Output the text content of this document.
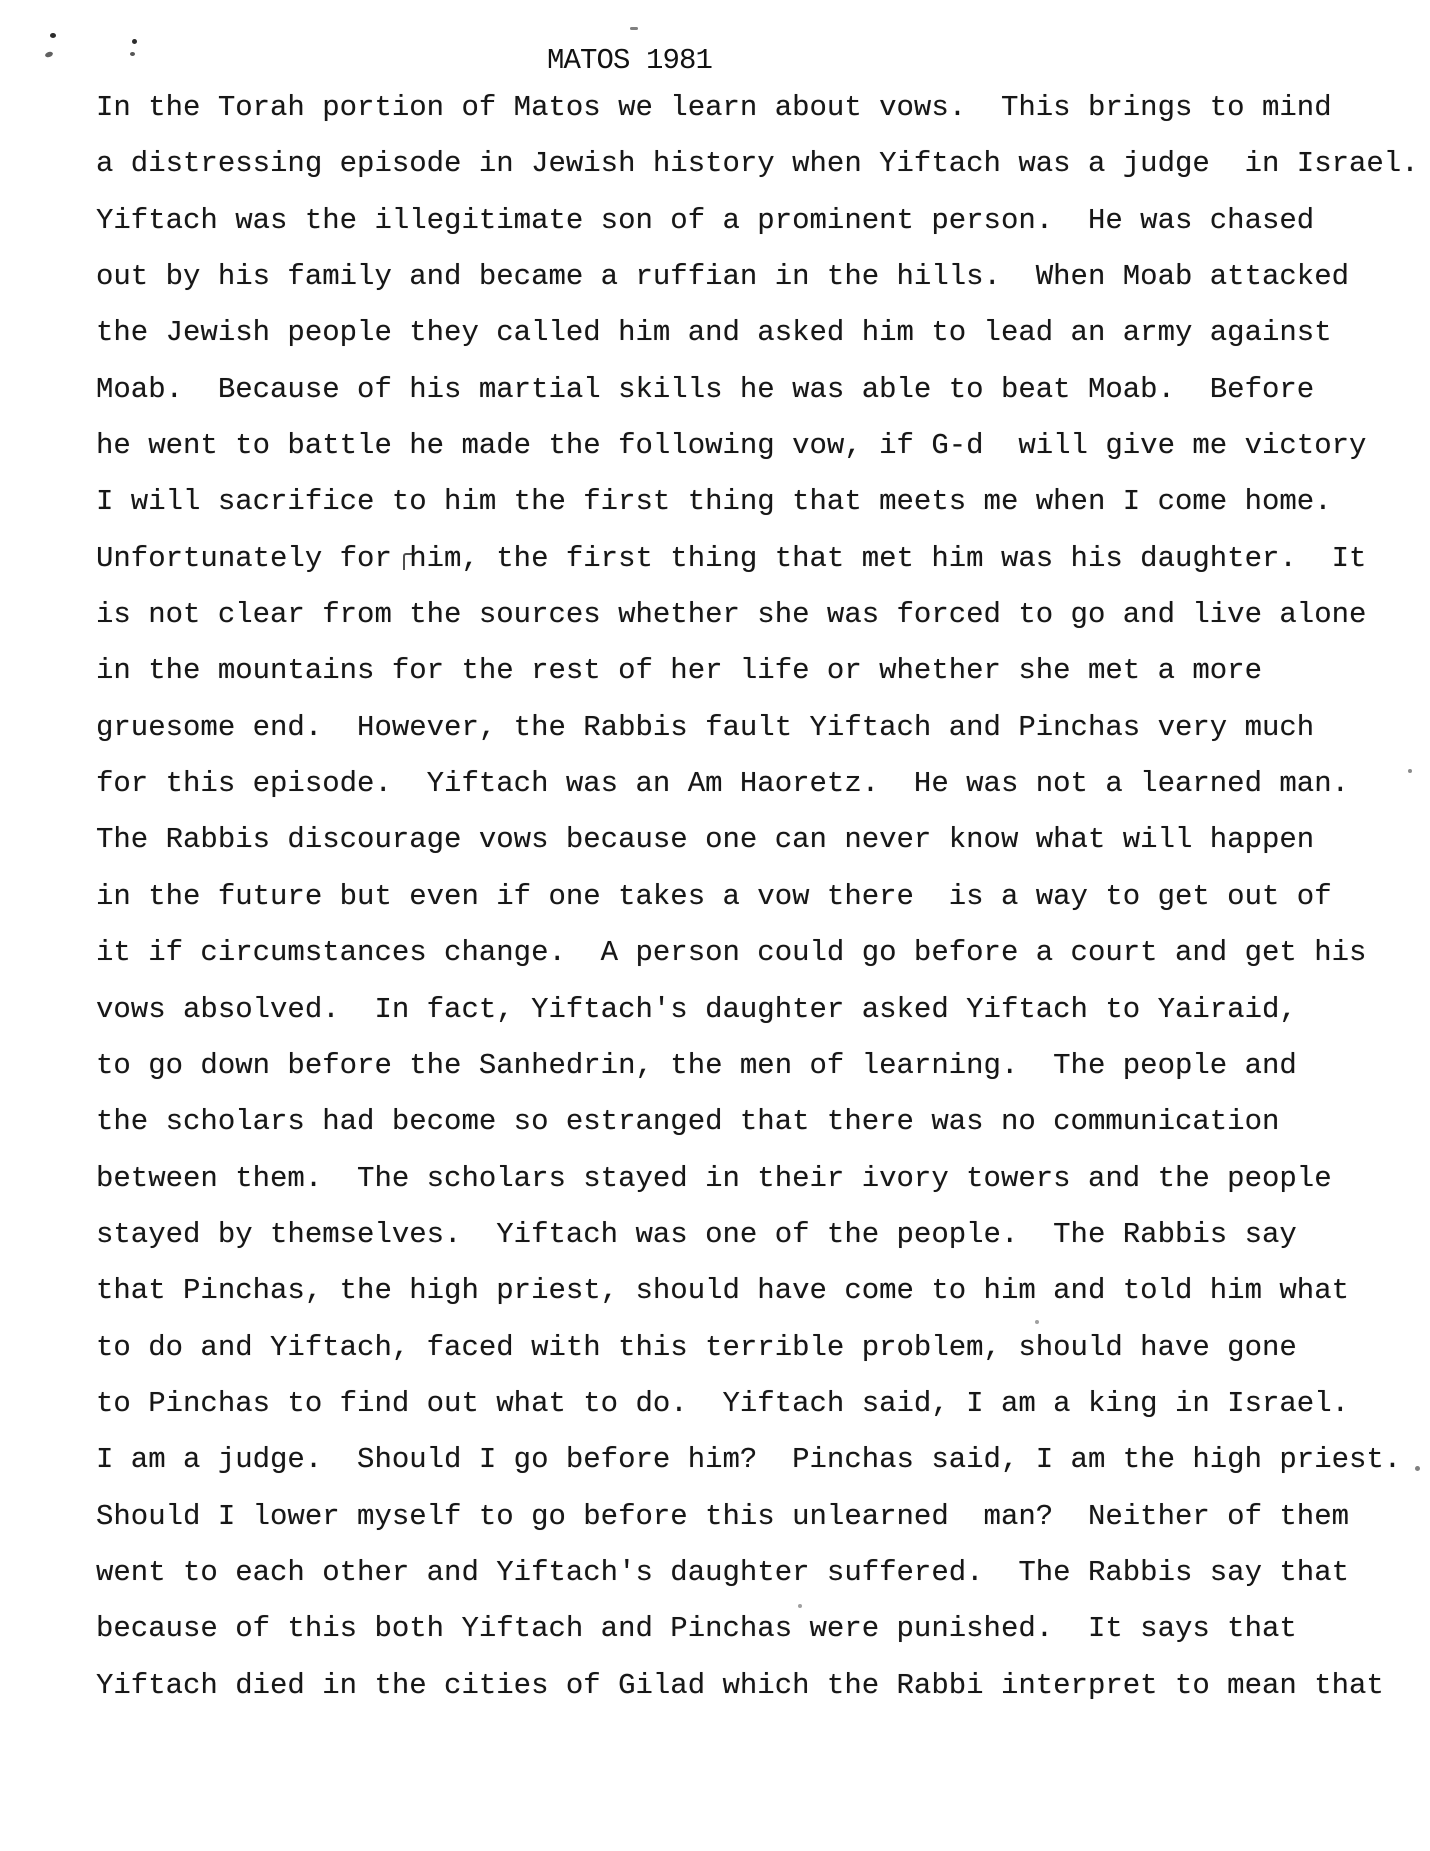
MATOS 1981
In the Torah portion of Matos we learn about vows.  This brings to mind
a distressing episode in Jewish history when Yiftach was a judge  in Israel.
Yiftach was the illegitimate son of a prominent person.  He was chased
out by his family and became a ruffian in the hills.  When Moab attacked
the Jewish people they called him and asked him to lead an army against
Moab.  Because of his martial skills he was able to beat Moab.  Before
he went to battle he made the following vow, if G-d  will give me victory
I will sacrifice to him the first thing that meets me when I come home.
Unfortunately for him, the first thing that met him was his daughter.  It
is not clear from the sources whether she was forced to go and live alone
in the mountains for the rest of her life or whether she met a more
gruesome end.  However, the Rabbis fault Yiftach and Pinchas very much
for this episode.  Yiftach was an Am Haoretz.  He was not a learned man.
The Rabbis discourage vows because one can never know what will happen
in the future but even if one takes a vow there  is a way to get out of
it if circumstances change.  A person could go before a court and get his
vows absolved.  In fact, Yiftach's daughter asked Yiftach to Yairaid,
to go down before the Sanhedrin, the men of learning.  The people and
the scholars had become so estranged that there was no communication
between them.  The scholars stayed in their ivory towers and the people
stayed by themselves.  Yiftach was one of the people.  The Rabbis say
that Pinchas, the high priest, should have come to him and told him what
to do and Yiftach, faced with this terrible problem, should have gone
to Pinchas to find out what to do.  Yiftach said, I am a king in Israel.
I am a judge.  Should I go before him?  Pinchas said, I am the high priest.
Should I lower myself to go before this unlearned  man?  Neither of them
went to each other and Yiftach's daughter suffered.  The Rabbis say that
because of this both Yiftach and Pinchas were punished.  It says that
Yiftach died in the cities of Gilad which the Rabbi interpret to mean that
